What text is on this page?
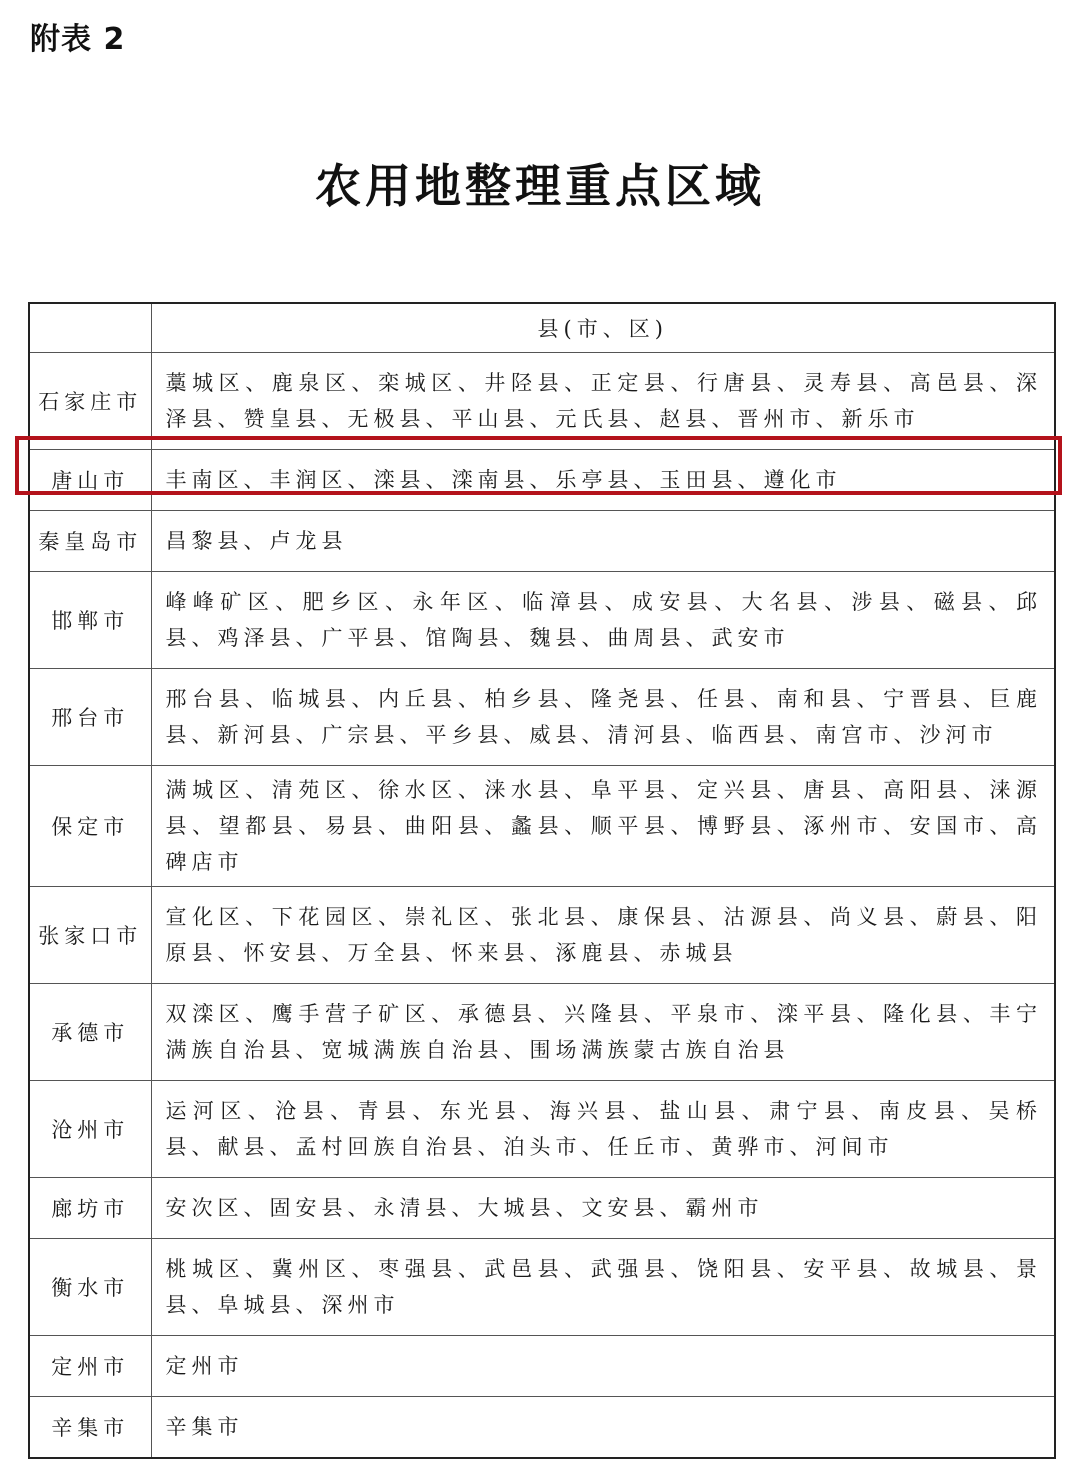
附表 2
农用地整理重点区域
	县(市、区)
石家庄市	藁城区、鹿泉区、栾城区、井陉县、正定县、行唐县、灵寿县、高邑县、深泽县、赞皇县、无极县、平山县、元氏县、赵县、晋州市、新乐市
唐山市	丰南区、丰润区、滦县、滦南县、乐亭县、玉田县、遵化市
秦皇岛市	昌黎县、卢龙县
邯郸市	峰峰矿区、肥乡区、永年区、临漳县、成安县、大名县、涉县、磁县、邱县、鸡泽县、广平县、馆陶县、魏县、曲周县、武安市
邢台市	邢台县、临城县、内丘县、柏乡县、隆尧县、任县、南和县、宁晋县、巨鹿县、新河县、广宗县、平乡县、威县、清河县、临西县、南宫市、沙河市
保定市	满城区、清苑区、徐水区、涞水县、阜平县、定兴县、唐县、高阳县、涞源县、望都县、易县、曲阳县、蠡县、顺平县、博野县、涿州市、安国市、高碑店市
张家口市	宣化区、下花园区、崇礼区、张北县、康保县、沽源县、尚义县、蔚县、阳原县、怀安县、万全县、怀来县、涿鹿县、赤城县
承德市	双滦区、鹰手营子矿区、承德县、兴隆县、平泉市、滦平县、隆化县、丰宁满族自治县、宽城满族自治县、围场满族蒙古族自治县
沧州市	运河区、沧县、青县、东光县、海兴县、盐山县、肃宁县、南皮县、吴桥县、献县、孟村回族自治县、泊头市、任丘市、黄骅市、河间市
廊坊市	安次区、固安县、永清县、大城县、文安县、霸州市
衡水市	桃城区、冀州区、枣强县、武邑县、武强县、饶阳县、安平县、故城县、景县、阜城县、深州市
定州市	定州市
辛集市	辛集市
